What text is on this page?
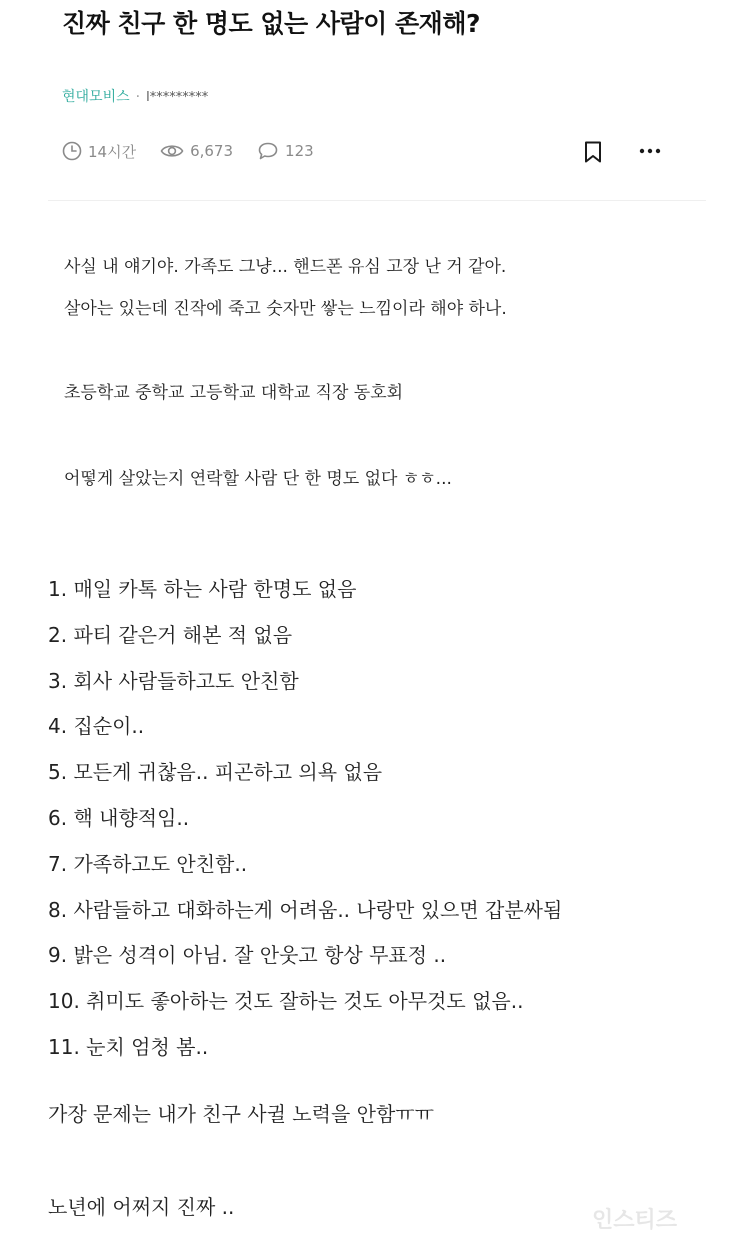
진짜 친구 한 명도 없는 사람이 존재해?
현대모비스 · l*********
14시간	6,673	123
사실 내 얘기야. 가족도 그냥... 핸드폰 유심 고장 난 거 같아.
살아는 있는데 진작에 죽고 숫자만 쌓는 느낌이라 해야 하나.
초등학교 중학교 고등학교 대학교 직장 동호회
어떻게 살았는지 연락할 사람 단 한 명도 없다 ㅎㅎ...
1. 매일 카톡 하는 사람 한명도 없음
2. 파티 같은거 해본 적 없음
3. 회사 사람들하고도 안친함
4. 집순이..
5. 모든게 귀찮음.. 피곤하고 의욕 없음
6. 핵 내향적임..
7. 가족하고도 안친함..
8. 사람들하고 대화하는게 어려움.. 나랑만 있으면 갑분싸됨
9. 밝은 성격이 아님. 잘 안웃고 항상 무표정 ..
10. 취미도 좋아하는 것도 잘하는 것도 아무것도 없음..
11. 눈치 엄청 봄..
가장 문제는 내가 친구 사귈 노력을 안함ㅠㅠ
노년에 어쩌지 진짜 ..
인스티즈
